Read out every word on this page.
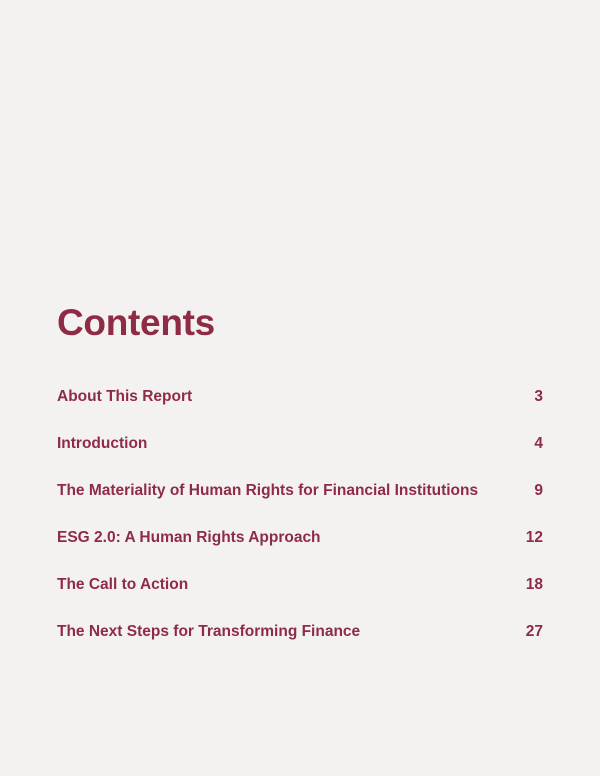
Contents
About This Report	3
Introduction	4
The Materiality of Human Rights for Financial Institutions	9
ESG 2.0: A Human Rights Approach	12
The Call to Action	18
The Next Steps for Transforming Finance	27
